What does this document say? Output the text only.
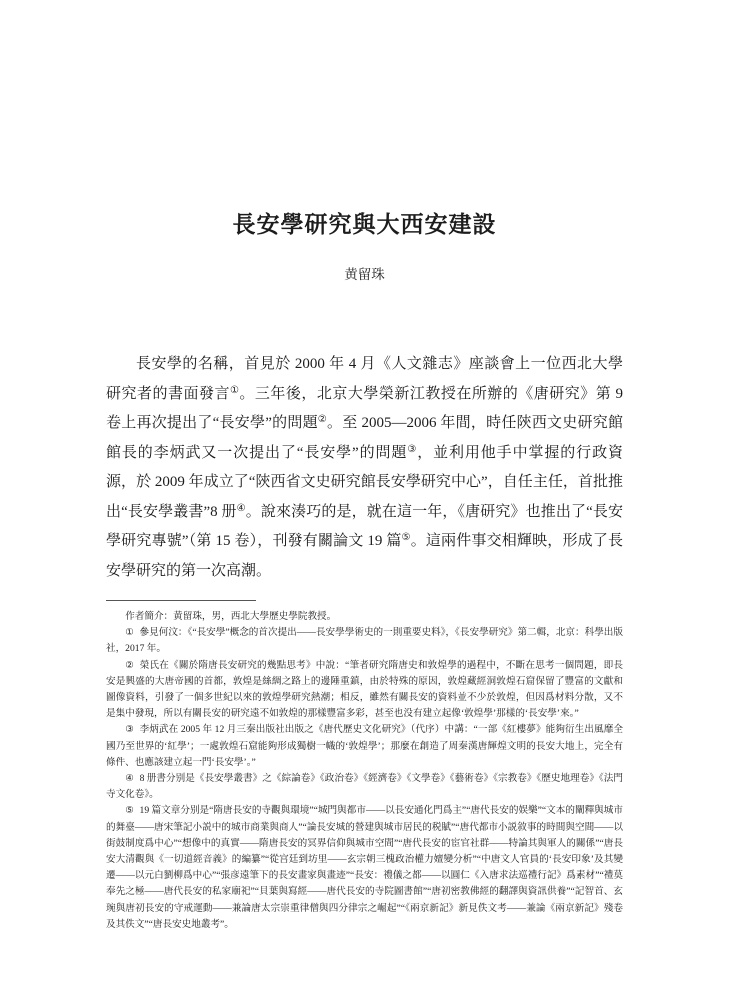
長安學研究與大西安建設
黄留珠

長安學的名稱，首見於 2000 年 4 月《人文雜志》座談會上一位西北大學研究者的書面發言①。三年後，北京大學榮新江教授在所辦的《唐研究》第 9 卷上再次提出了“長安學”的問題②。至 2005—2006 年間，時任陝西文史研究館館長的李炳武又一次提出了“長安學”的問題③，並利用他手中掌握的行政資源，於 2009 年成立了“陝西省文史研究館長安學研究中心”，自任主任，首批推出“長安學叢書”8 册④。說來湊巧的是，就在這一年，《唐研究》也推出了“長安學研究專號”（第 15 卷），刊發有關論文 19 篇⑤。這兩件事交相輝映，形成了長安學研究的第一次高潮。

作者簡介：黄留珠，男，西北大學歷史學院教授。

① 參見何汶：《“長安學”概念的首次提出——長安學學術史的一則重要史料》，《長安學研究》第二輯，北京：科學出版社，2017 年。

② 榮氏在《關於隋唐長安研究的幾點思考》中說：“筆者研究隋唐史和敦煌學的過程中，不斷在思考一個問題，即長安是興盛的大唐帝國的首都，敦煌是絲綢之路上的邊陲重鎮，由於特殊的原因，敦煌藏經洞敦煌石窟保留了豐富的文獻和圖像資料，引發了一個多世紀以來的敦煌學研究熱潮；相反，雖然有關長安的資料並不少於敦煌，但因爲材料分散，又不是集中發現，所以有關長安的研究遠不如敦煌的那樣豐富多彩，甚至也没有建立起像‘敦煌學’那樣的‘長安學’來。”

③ 李炳武在 2005 年 12 月三秦出版社出版之《唐代歷史文化研究》（代序）中講：“一部《紅樓夢》能夠衍生出風靡全國乃至世界的‘紅學’；一處敦煌石窟能夠形成獨樹一幟的‘敦煌學’；那麼在創造了周秦漢唐輝煌文明的長安大地上，完全有條件、也應該建立起一門‘長安學’。”

④ 8 册書分别是《長安學叢書》之《綜論卷》《政治卷》《經濟卷》《文學卷》《藝術卷》《宗教卷》《歷史地理卷》《法門寺文化卷》。

⑤ 19 篇文章分别是“隋唐長安的寺觀與環境”“城門與都市——以長安通化門爲主”“唐代長安的娱樂”“文本的闡釋與城市的舞臺——唐宋筆記小説中的城市商業與商人”“論長安城的營建與城市居民的税賦”“唐代都市小説敘事的時間與空間——以街鼓制度爲中心”“想像中的真實——隋唐長安的冥界信仰與城市空間”“唐代長安的宦官社群——特論其與軍人的關係”“唐長安大清觀與《一切道經音義》的編纂”“從宫廷到坊里——玄宗朝三槐政治權力嬗變分析”“中唐文人官員的‘長安印象’及其變遷——以元白劉柳爲中心”“張彦遠筆下的長安畫家與畫迹”“長安：禮儀之都——以圓仁《入唐求法巡禮行記》爲素材”“禮莫奉先之極——唐代長安的私家廟祀”“貝葉與寫經——唐代長安的寺院圖書館”“唐初密教佛經的翻譯與資訊供養”“記智首、玄琬與唐初長安的守戒運動——兼論唐太宗崇重律僧與四分律宗之崛起”“《兩京新記》新見佚文考——兼論《兩京新記》殘卷及其佚文”“唐長安史地叢考”。
